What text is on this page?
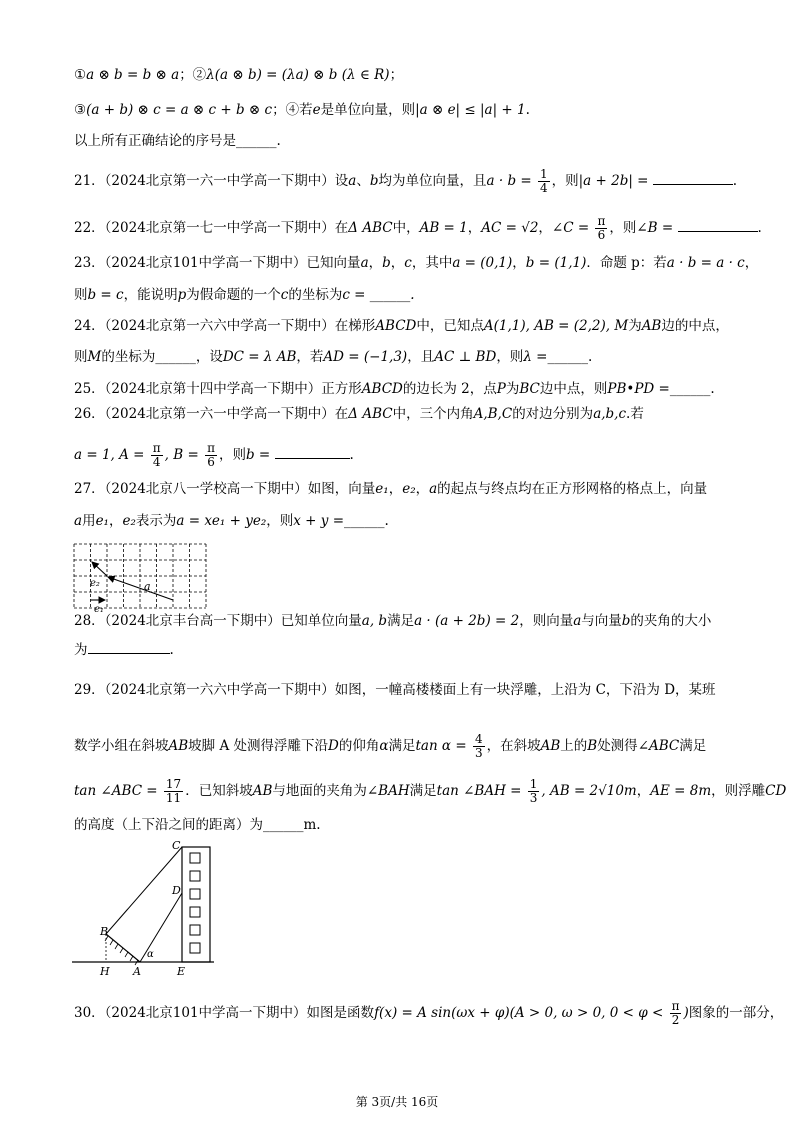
①a ⊗ b = b ⊗ a；②λ(a ⊗ b) = (λa) ⊗ b (λ ∈ R)；
③(a + b) ⊗ c = a ⊗ c + b ⊗ c；④若e是单位向量，则|a ⊗ e| ≤ |a| + 1.
以上所有正确结论的序号是______.
21．（2024北京第一六一中学高一下期中）设a、b均为单位向量，且$a \cdot b = \frac{1}{4}$ ，则|a + 2b| =	.
22．（2024北京第一七一中学高一下期中）在Δ ABC中，AB = 1，AC = √2，∠C = $\frac{\pi}{6}$ ，则∠B =	.
23．（2024北京101中学高一下期中）已知向量a，b，c，其中a = (0,1)，b = (1,1)．命题 p：若a · b = a · c，
则b = c，能说明p为假命题的一个c的坐标为c = ______.
24．（2024北京第一六六中学高一下期中）在梯形ABCD中，已知点A(1,1), AB = (2,2), M为AB边的中点，
则M的坐标为______，设DC = λ AB，若AD = (−1,3)，且AC ⊥ BD，则λ =______.
25．（2024北京第十四中学高一下期中）正方形ABCD的边长为 2，点P为BC边中点，则PB•PD =______.
26．（2024北京第一六一中学高一下期中）在Δ ABC中，三个内角A,B,C的对边分别为a,b,c.若
a = 1, $A = \frac{\pi}{4}$ , $B = \frac{\pi}{6}$ ，则b =	.
27．（2024北京八一学校高一下期中）如图，向量e₁，e₂，a的起点与终点均在正方形网格的格点上，向量
a用e₁，e₂表示为a = xe₁ + ye₂，则x + y =______.
e₂
e₁
a
28．（2024北京丰台高一下期中）已知单位向量a, b满足a · (a + 2b) = 2，则向量a与向量b的夹角的大小
为	.
29．（2024北京第一六六中学高一下期中）如图，一幢高楼楼面上有一块浮雕，上沿为 C，下沿为 D，某班
数学小组在斜坡AB坡脚 A 处测得浮雕下沿D的仰角α满足$\tan \alpha = \frac{4}{3}$ ，在斜坡AB上的B处测得∠ABC满足
tan ∠ABC = $\frac{17}{11}$ ．已知斜坡AB与地面的夹角为∠BAH满足tan ∠BAH = $\frac{1}{3}$ , AB = 2√10m，AE = 8m，则浮雕CD
的高度（上下沿之间的距离）为______m.
C
D
B
H A	E
α
30．（2024北京101中学高一下期中）如图是函数f(x) = A sin(ωx + φ)(A > 0, ω > 0, $0 < \varphi < \frac{\pi}{2}$ )图象的一部分，
第 3页/共 16页
